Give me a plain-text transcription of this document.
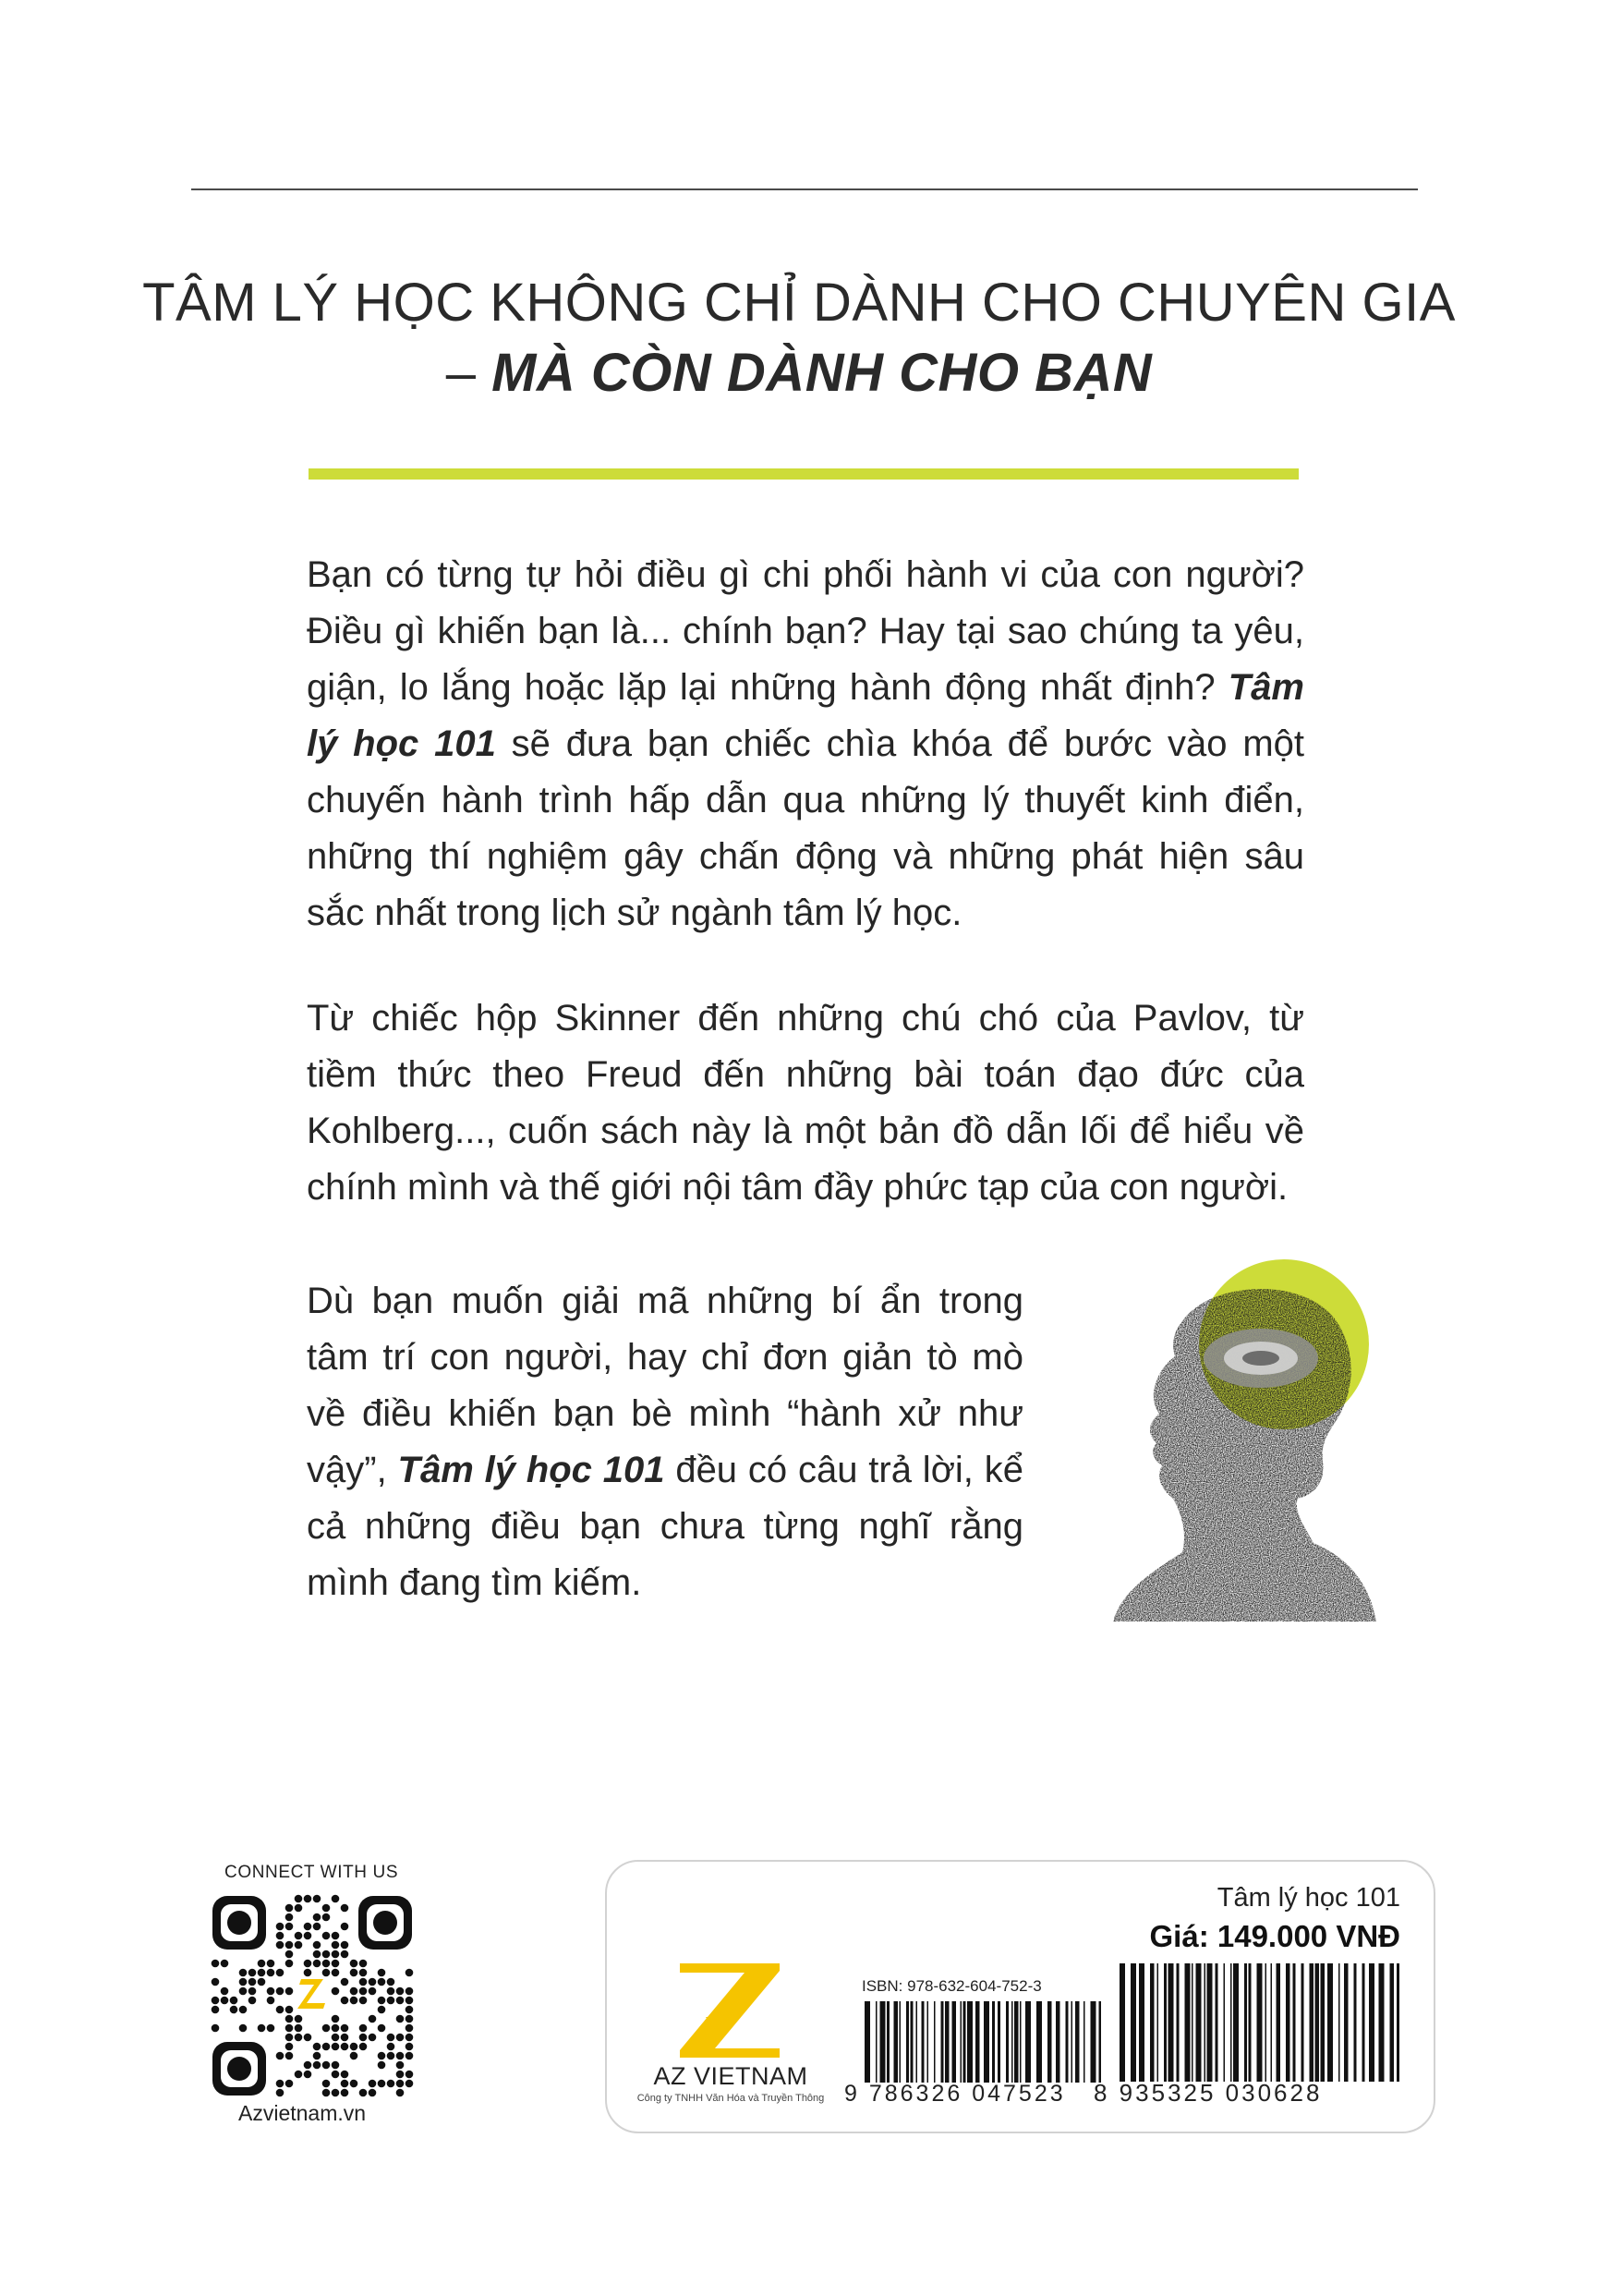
TÂM LÝ HỌC KHÔNG CHỈ DÀNH CHO CHUYÊN GIA
– MÀ CÒN DÀNH CHO BẠN
Bạn có từng tự hỏi điều gì chi phối hành vi của con người? Điều gì khiến bạn là... chính bạn? Hay tại sao chúng ta yêu, giận, lo lắng hoặc lặp lại những hành động nhất định? Tâm lý học 101 sẽ đưa bạn chiếc chìa khóa để bước vào một chuyến hành trình hấp dẫn qua những lý thuyết kinh điển, những thí nghiệm gây chấn động và những phát hiện sâu sắc nhất trong lịch sử ngành tâm lý học.
Từ chiếc hộp Skinner đến những chú chó của Pavlov, từ tiềm thức theo Freud đến những bài toán đạo đức của Kohlberg..., cuốn sách này là một bản đồ dẫn lối để hiểu về chính mình và thế giới nội tâm đầy phức tạp của con người.
Dù bạn muốn giải mã những bí ẩn trong tâm trí con người, hay chỉ đơn giản tò mò về điều khiến bạn bè mình “hành xử như vậy”, Tâm lý học 101 đều có câu trả lời, kể cả những điều bạn chưa từng nghĩ rằng mình đang tìm kiếm.
CONNECT WITH US
Azvietnam.vn
AZ VIETNAM
Công ty TNHH Văn Hóa và Truyền Thông
ISBN: 978-632-604-752-3
9 786326 047523
Tâm lý học 101
Giá: 149.000 VNĐ
8 935325 030628
